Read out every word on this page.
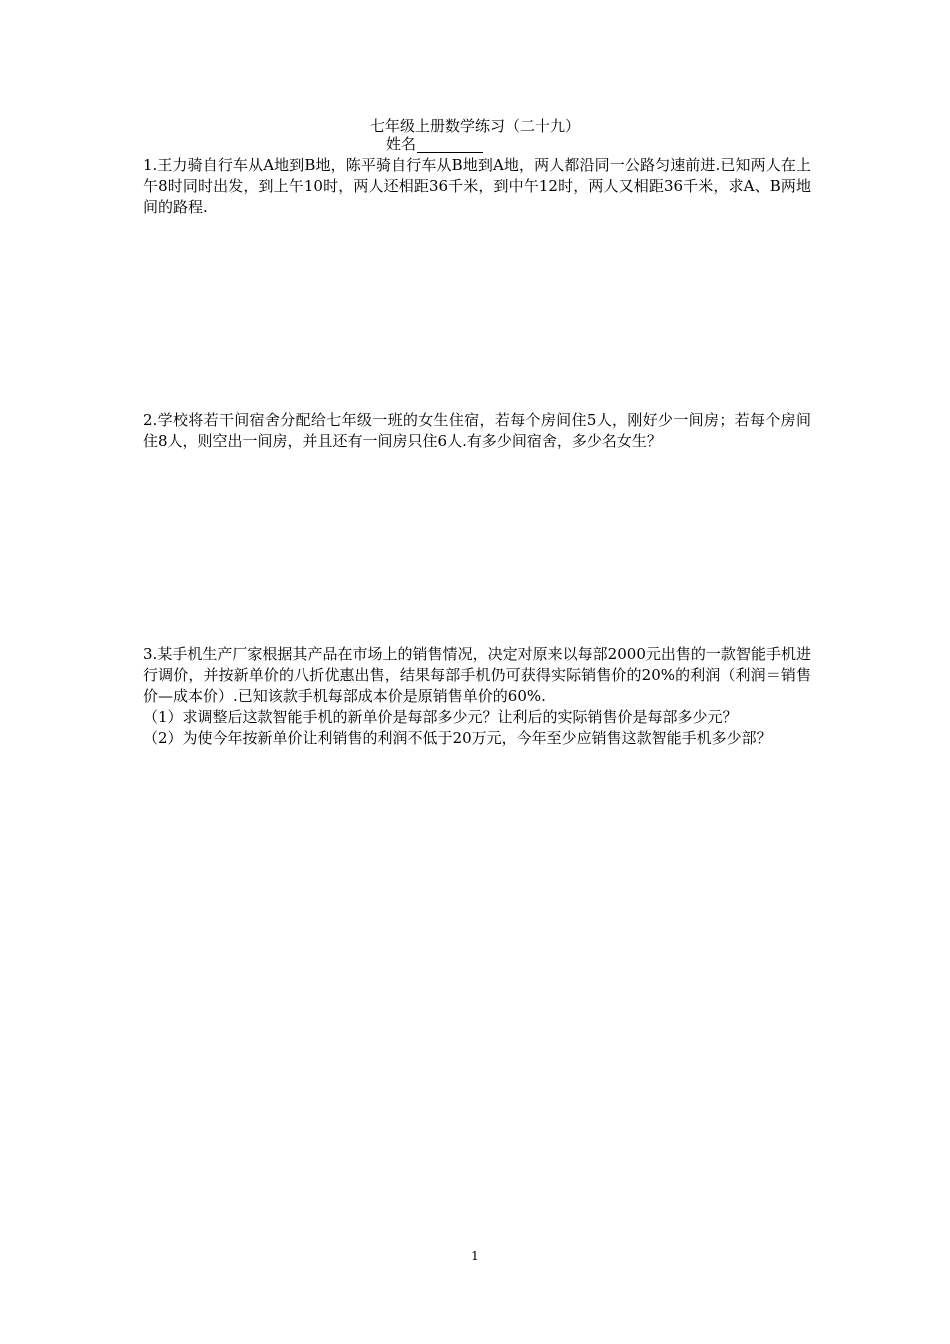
七年级上册数学练习（二十九）
姓名

1.王力骑自行车从A地到B地，陈平骑自行车从B地到A地，两人都沿同一公路匀速前进.已知两人在上午8时同时出发，到上午10时，两人还相距36千米，到中午12时，两人又相距36千米，求A、B两地间的路程.

2.学校将若干间宿舍分配给七年级一班的女生住宿，若每个房间住5人，刚好少一间房；若每个房间住8人，则空出一间房，并且还有一间房只住6人.有多少间宿舍，多少名女生？

3.某手机生产厂家根据其产品在市场上的销售情况，决定对原来以每部2000元出售的一款智能手机进行调价，并按新单价的八折优惠出售，结果每部手机仍可获得实际销售价的20%的利润（利润＝销售价—成本价）.已知该款手机每部成本价是原销售单价的60%.

（1）求调整后这款智能手机的新单价是每部多少元？让利后的实际销售价是每部多少元？

（2）为使今年按新单价让利销售的利润不低于20万元，今年至少应销售这款智能手机多少部？

1
